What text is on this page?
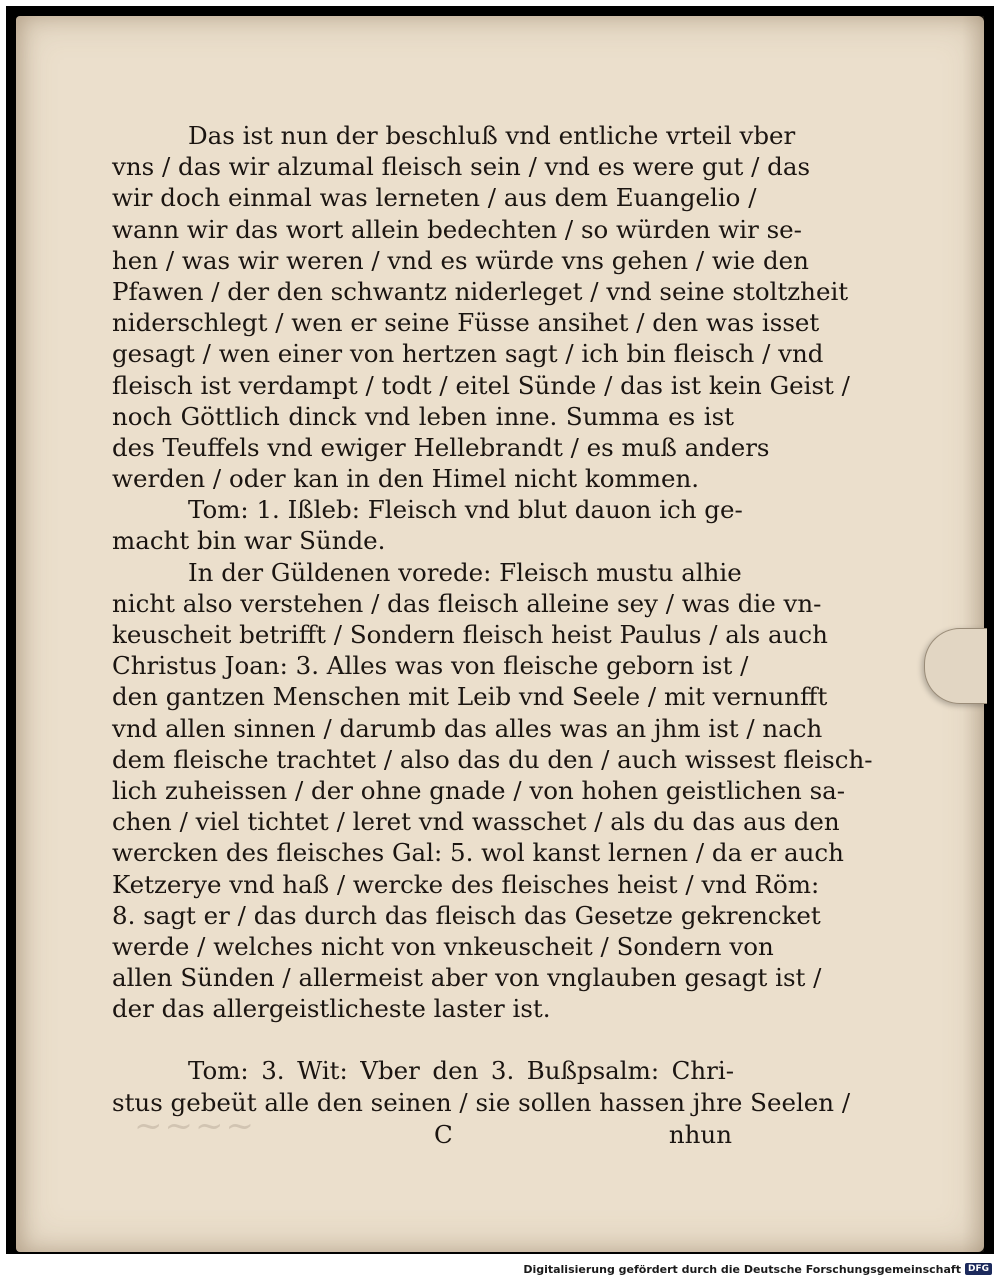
~~~~
Das ist nun der beschluß vnd entliche vrteil vber
vns / das wir alzumal fleisch sein / vnd es were gut / das
wir doch einmal was lerneten / aus dem Euangelio /
wann wir das wort allein bedechten / so würden wir se-
hen / was wir weren / vnd es würde vns gehen / wie den
Pfawen / der den schwantz niderleget / vnd seine stoltzheit
niderschlegt / wen er seine Füsse ansihet / den was isset
gesagt / wen einer von hertzen sagt / ich bin fleisch / vnd
fleisch ist verdampt / todt / eitel Sünde / das ist kein Geist /
noch Göttlich dinck vnd leben inne. Summa es ist
des Teuffels vnd ewiger Hellebrandt / es muß anders
werden / oder kan in den Himel nicht kommen.
Tom: 1. Ißleb: Fleisch vnd blut dauon ich ge-
macht bin war Sünde.
In der Güldenen vorede: Fleisch mustu alhie
nicht also verstehen / das fleisch alleine sey / was die vn-
keuscheit betrifft / Sondern fleisch heist Paulus / als auch
Christus Joan: 3. Alles was von fleische geborn ist /
den gantzen Menschen mit Leib vnd Seele / mit vernunfft
vnd allen sinnen / darumb das alles was an jhm ist / nach
dem fleische trachtet / also das du den / auch wissest fleisch-
lich zuheissen / der ohne gnade / von hohen geistlichen sa-
chen / viel tichtet / leret vnd wasschet / als du das aus den
wercken des fleisches Gal: 5. wol kanst lernen / da er auch
Ketzerye vnd haß / wercke des fleisches heist / vnd Röm:
8. sagt er / das durch das fleisch das Gesetze gekrencket
werde / welches nicht von vnkeuscheit / Sondern von
allen Sünden / allermeist aber von vnglauben gesagt ist /
der das allergeistlicheste laster ist.
Tom: 3. Wit: Vber den 3. Bußpsalm: Chri-
stus gebeüt alle den seinen / sie sollen hassen jhre Seelen /
C	nhun
Digitalisierung gefördert durch die Deutsche Forschungsgemeinschaft DFG
